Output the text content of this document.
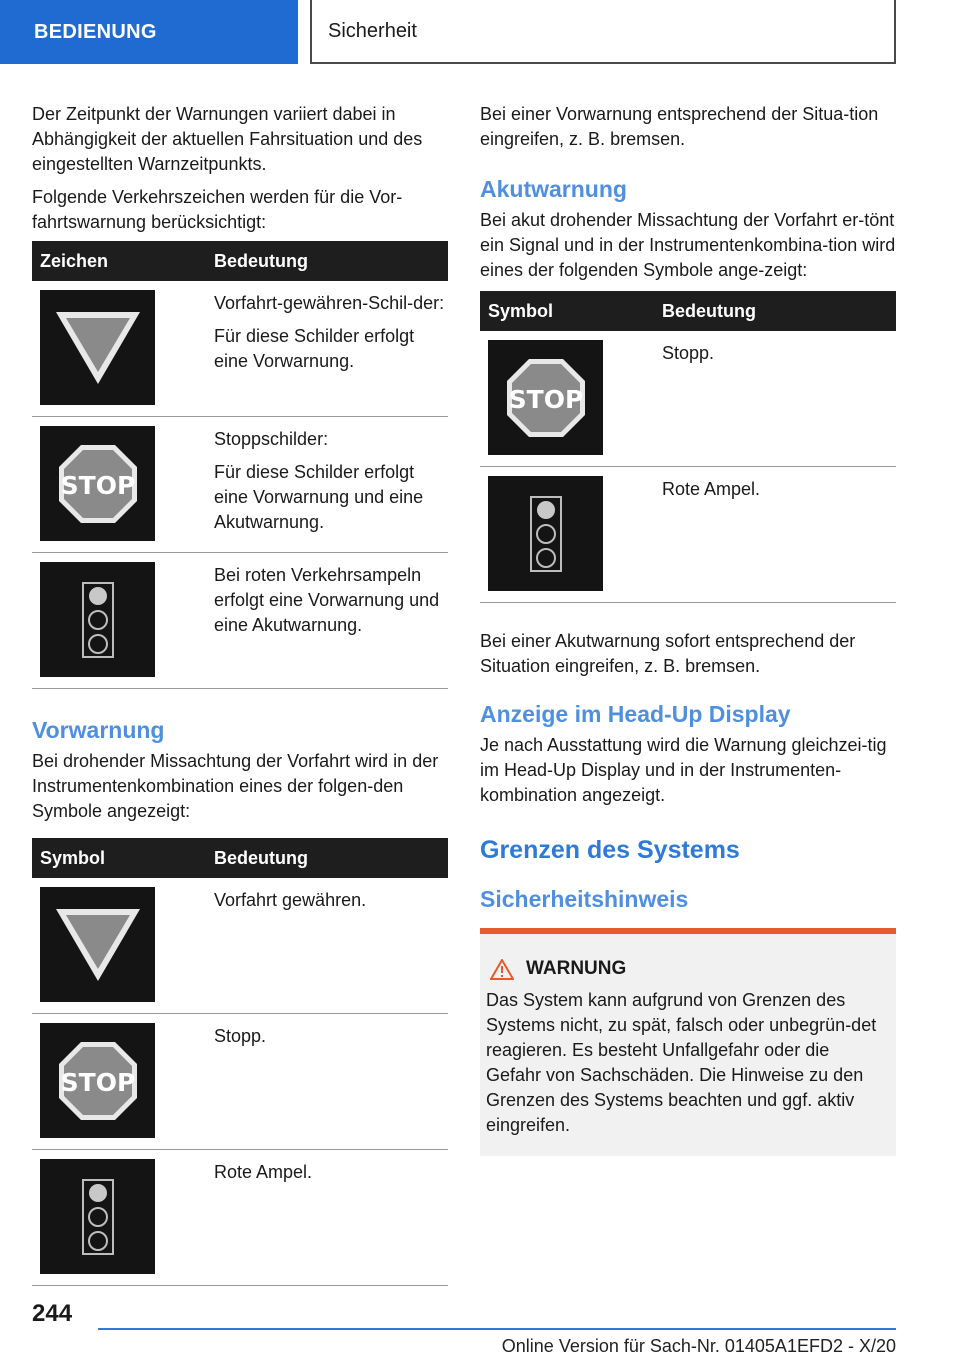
BEDIENUNG	Sicherheit

Der Zeitpunkt der Warnungen variiert dabei in Abhängigkeit der aktuellen Fahrsituation und des eingestellten Warnzeitpunkts.

Folgende Verkehrszeichen werden für die Vor-fahrtswarnung berücksichtigt:

Zeichen	Bedeutung

Vorfahrt-gewähren-Schil-der:
Für diese Schilder erfolgt eine Vorwarnung.

STOP	Stoppschilder:
Für diese Schilder erfolgt eine Vorwarnung und eine Akutwarnung.

Bei roten Verkehrsampeln erfolgt eine Vorwarnung und eine Akutwarnung.
Vorwarnung

Bei drohender Missachtung der Vorfahrt wird in der Instrumentenkombination eines der folgen-den Symbole angezeigt:

Symbol	Bedeutung

Vorfahrt gewähren.

STOP	Stopp.

Rote Ampel.

Bei einer Vorwarnung entsprechend der Situa-tion eingreifen, z. B. bremsen.

Akutwarnung

Bei akut drohender Missachtung der Vorfahrt er-tönt ein Signal und in der Instrumentenkombina-tion wird eines der folgenden Symbole ange-zeigt:

Symbol	Bedeutung

STOP	Stopp.

Rote Ampel.

Bei einer Akutwarnung sofort entsprechend der Situation eingreifen, z. B. bremsen.

Anzeige im Head-Up Display

Je nach Ausstattung wird die Warnung gleichzei-tig im Head-Up Display und in der Instrumenten-kombination angezeigt.

Grenzen des Systems
Sicherheitshinweis
WARNUNG

Das System kann aufgrund von Grenzen des Systems nicht, zu spät, falsch oder unbegrün-det reagieren. Es besteht Unfallgefahr oder die Gefahr von Sachschäden. Die Hinweise zu den Grenzen des Systems beachten und ggf. aktiv eingreifen.

244
Online Version für Sach-Nr. 01405A1EFD2 - X/20
